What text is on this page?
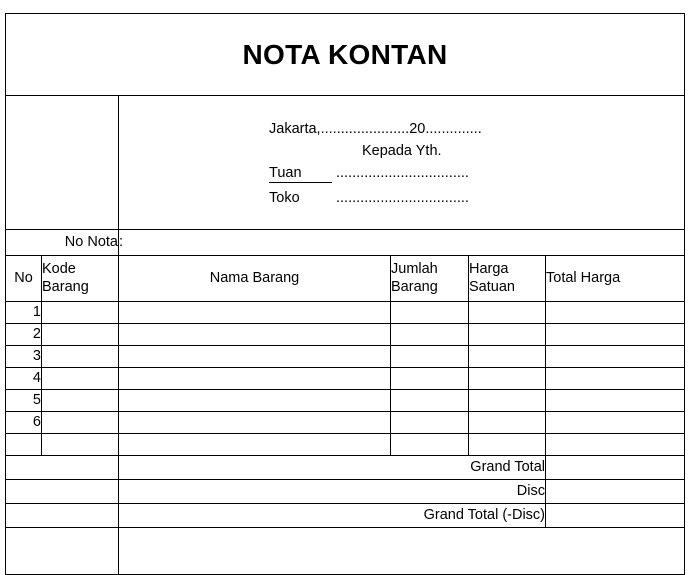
NOTA KONTAN					

Jakarta,......................20..............
Kepada Yth.
Tuan	.................................
Toko	.................................

No Nota		:			
No	Kode Barang	Nama Barang	Jumlah Barang	Harga Satuan	Total Harga
1					
2					
3					
4					
5					
6					

		Grand Total			
		Disc			
		Grand Total (-Disc)			
